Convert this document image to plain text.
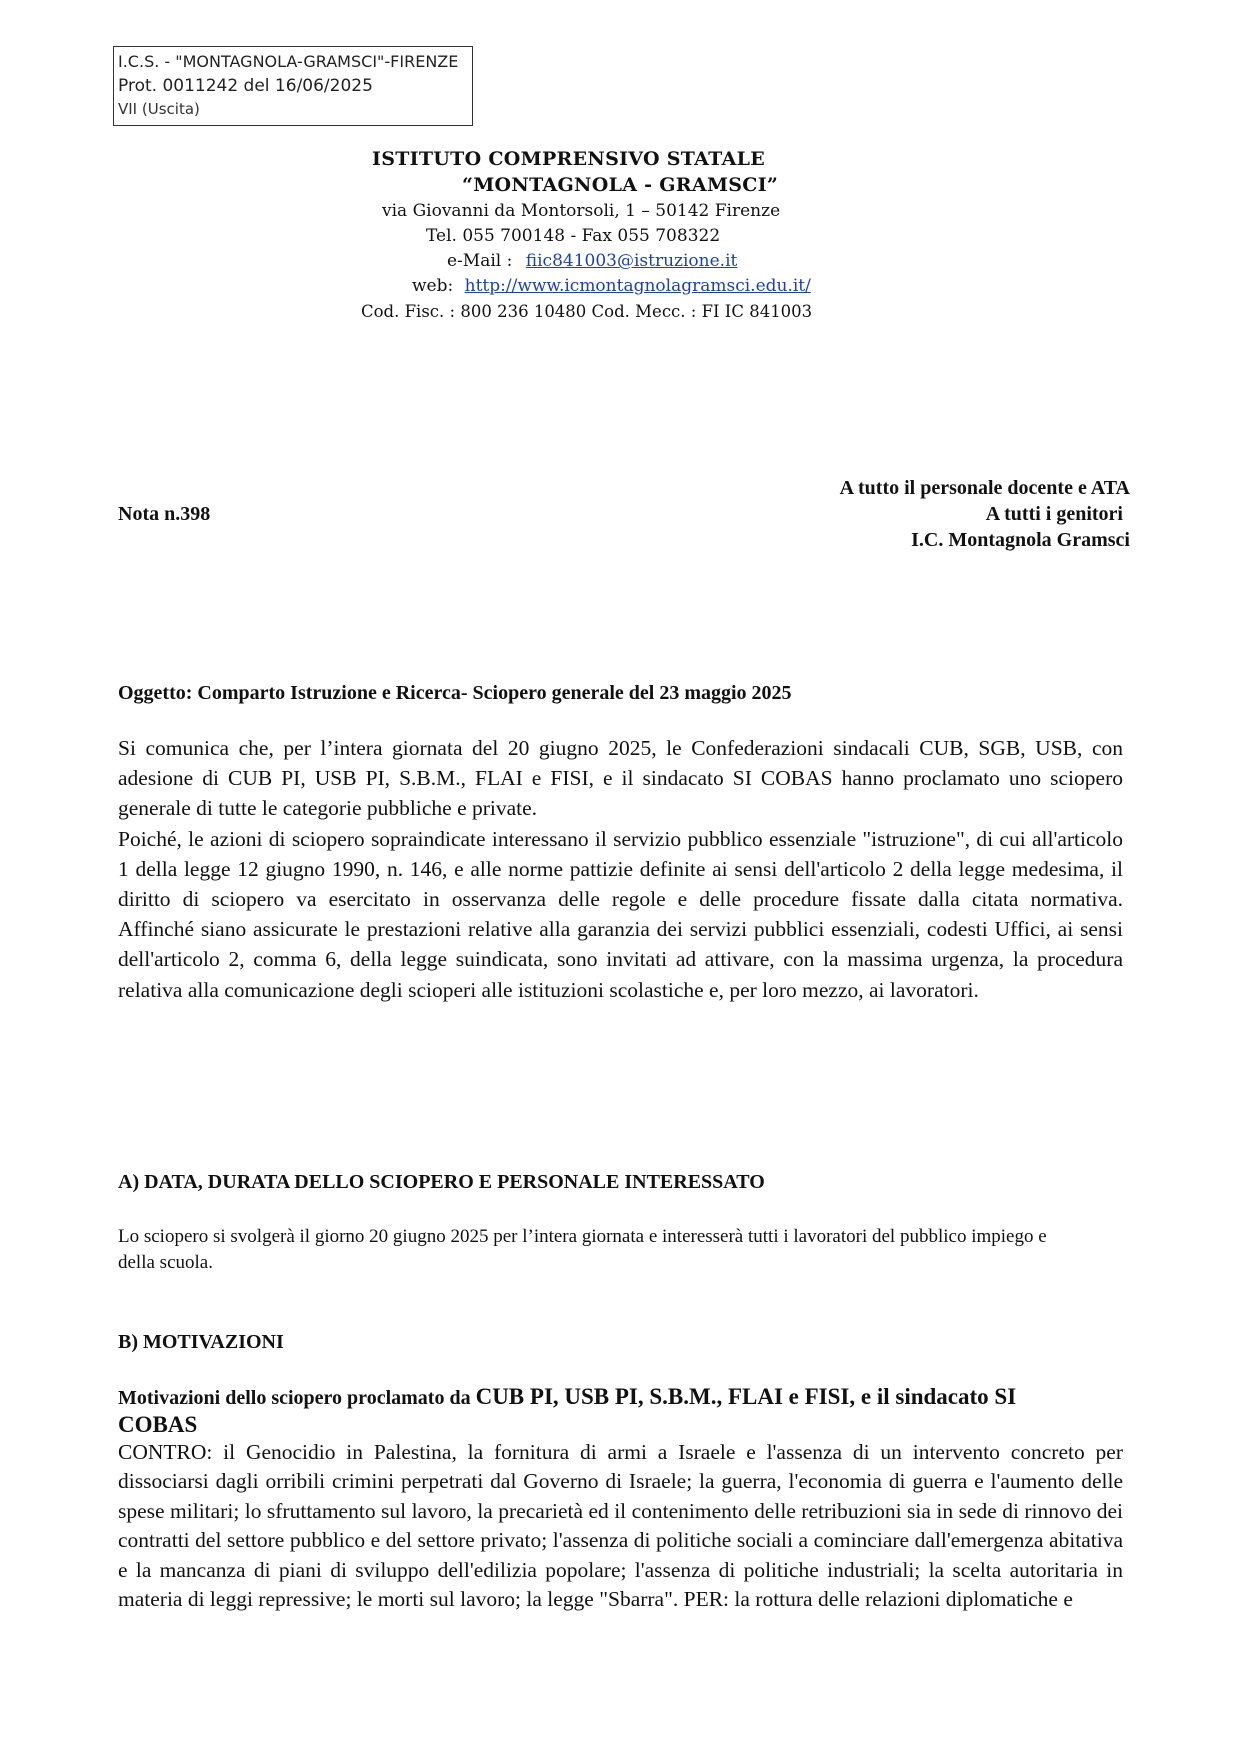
I.C.S. - "MONTAGNOLA-GRAMSCI"-FIRENZE
Prot. 0011242 del 16/06/2025
VII (Uscita)
ISTITUTO COMPRENSIVO STATALE
“MONTAGNOLA - GRAMSCI”
via Giovanni da Montorsoli, 1 – 50142 Firenze
Tel. 055 700148 - Fax 055 708322
e-Mail : fiic841003@istruzione.it
web: http://www.icmontagnolagramsci.edu.it/
Cod. Fisc. : 800 236 10480 Cod. Mecc. : FI IC 841003
Nota n.398
A tutto il personale docente e ATA
A tutti i genitori
I.C. Montagnola Gramsci
Oggetto: Comparto Istruzione e Ricerca- Sciopero generale del 23 maggio 2025

Si comunica che, per l’intera giornata del 20 giugno 2025, le Confederazioni sindacali CUB, SGB, USB, con adesione di CUB PI, USB PI, S.B.M., FLAI e FISI, e il sindacato SI COBAS hanno proclamato uno sciopero generale di tutte le categorie pubbliche e private.

Poiché, le azioni di sciopero sopraindicate interessano il servizio pubblico essenziale "istruzione", di cui all'articolo 1 della legge 12 giugno 1990, n. 146, e alle norme pattizie definite ai sensi dell'articolo 2 della legge medesima, il diritto di sciopero va esercitato in osservanza delle regole e delle procedure fissate dalla citata normativa.

Affinché siano assicurate le prestazioni relative alla garanzia dei servizi pubblici essenziali, codesti Uffici, ai sensi dell'articolo 2, comma 6, della legge suindicata, sono invitati ad attivare, con la massima urgenza, la procedura relativa alla comunicazione degli scioperi alle istituzioni scolastiche e, per loro mezzo, ai lavoratori.

A) DATA, DURATA DELLO SCIOPERO E PERSONALE INTERESSATO
Lo sciopero si svolgerà il giorno 20 giugno 2025 per l’intera giornata e interesserà tutti i lavoratori del pubblico impiego e della scuola.
B) MOTIVAZIONI
Motivazioni dello sciopero proclamato da CUB PI, USB PI, S.B.M., FLAI e FISI, e il sindacato SI
COBAS
CONTRO: il Genocidio in Palestina, la fornitura di armi a Israele e l'assenza di un intervento concreto per dissociarsi dagli orribili crimini perpetrati dal Governo di Israele; la guerra, l'economia di guerra e l'aumento delle spese militari; lo sfruttamento sul lavoro, la precarietà ed il contenimento delle retribuzioni sia in sede di rinnovo dei contratti del settore pubblico e del settore privato; l'assenza di politiche sociali a cominciare dall'emergenza abitativa e la mancanza di piani di sviluppo dell'edilizia popolare; l'assenza di politiche industriali; la scelta autoritaria in materia di leggi repressive; le morti sul lavoro; la legge "Sbarra". PER: la rottura delle relazioni diplomatiche e
